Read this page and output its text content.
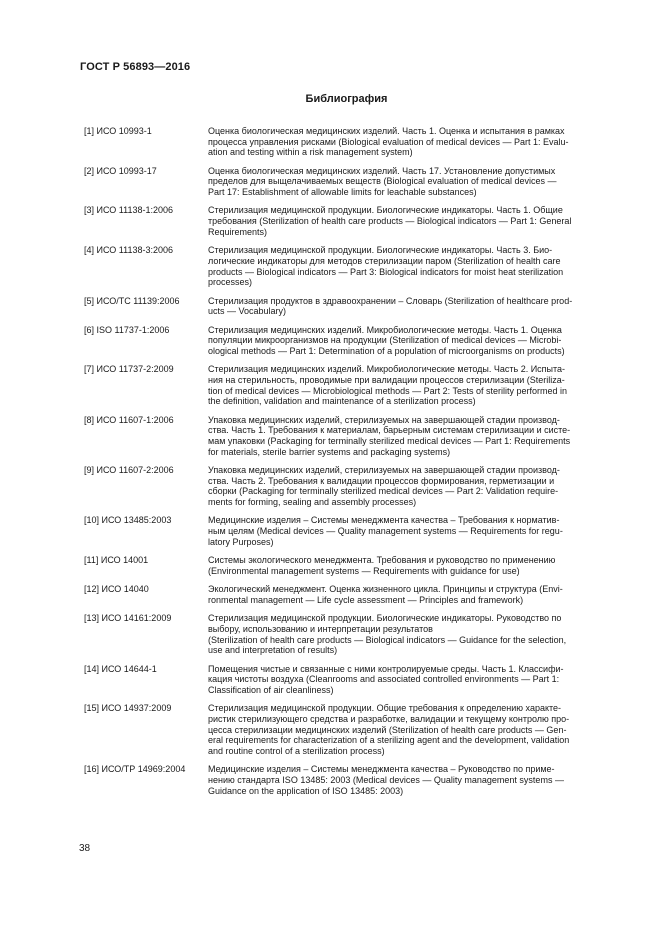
ГОСТ Р 56893—2016
Библиография
[1] ИСО 10993-1	Оценка биологическая медицинских изделий. Часть 1. Оценка и испытания в рамках
процесса управления рисками (Biological evaluation of medical devices — Part 1: Evalu-
ation and testing within a risk management system)
[2] ИСО 10993-17	Оценка биологическая медицинских изделий. Часть 17. Установление допустимых
пределов для выщелачиваемых веществ (Biological evaluation of medical devices —
Part 17: Establishment of allowable limits for leachable substances)
[3] ИСО 11138-1:2006	Стерилизация медицинской продукции. Биологические индикаторы. Часть 1. Общие
требования (Sterilization of health care products — Biological indicators — Part 1: General
Requirements)
[4] ИСО 11138-3:2006	Стерилизация медицинской продукции. Биологические индикаторы. Часть 3. Био-
логические индикаторы для методов стерилизации паром (Sterilization of health care
products — Biological indicators — Part 3: Biological indicators for moist heat sterilization
processes)
[5] ИСО/ТС 11139:2006	Стерилизация продуктов в здравоохранении – Словарь (Sterilization of healthcare prod-
ucts — Vocabulary)
[6] ISO 11737-1:2006	Стерилизация медицинских изделий. Микробиологические методы. Часть 1. Оценка
популяции микроорганизмов на продукции (Sterilization of medical devices — Microbi-
ological methods — Part 1: Determination of a population of microorganisms on products)
[7] ИСО 11737-2:2009	Стерилизация медицинских изделий. Микробиологические методы. Часть 2. Испыта-
ния на стерильность, проводимые при валидации процессов стерилизации (Steriliza-
tion of medical devices — Microbiological methods — Part 2: Tests of sterility performed in
the definition, validation and maintenance of a sterilization process)
[8] ИСО 11607-1:2006	Упаковка медицинских изделий, стерилизуемых на завершающей стадии производ-
ства. Часть 1. Требования к материалам, барьерным системам стерилизации и систе-
мам упаковки (Packaging for terminally sterilized medical devices — Part 1: Requirements
for materials, sterile barrier systems and packaging systems)
[9] ИСО 11607-2:2006	Упаковка медицинских изделий, стерилизуемых на завершающей стадии производ-
ства. Часть 2. Требования к валидации процессов формирования, герметизации и
сборки (Packaging for terminally sterilized medical devices — Part 2: Validation require-
ments for forming, sealing and assembly processes)
[10] ИСО 13485:2003	Медицинские изделия – Системы менеджмента качества – Требования к норматив-
ным целям (Medical devices — Quality management systems — Requirements for regu-
latory Purposes)
[11] ИСО 14001	Системы экологического менеджмента. Требования и руководство по применению
(Environmental management systems — Requirements with guidance for use)
[12] ИСО 14040	Экологический менеджмент. Оценка жизненного цикла. Принципы и структура (Envi-
ronmental management — Life cycle assessment — Principles and framework)
[13] ИСО 14161:2009	Стерилизация медицинской продукции. Биологические индикаторы. Руководство по
выбору, использованию и интерпретации результатов
(Sterilization of health care products — Biological indicators — Guidance for the selection,
use and interpretation of results)
[14] ИСО 14644-1	Помещения чистые и связанные с ними контролируемые среды. Часть 1. Классифи-
кация чистоты воздуха (Cleanrooms and associated controlled environments — Part 1:
Classification of air cleanliness)
[15] ИСО 14937:2009	Стерилизация медицинской продукции. Общие требования к определению характе-
ристик стерилизующего средства и разработке, валидации и текущему контролю про-
цесса стерилизации медицинских изделий (Sterilization of health care products — Gen-
eral requirements for characterization of a sterilizing agent and the development, validation
and routine control of a sterilization process)
[16] ИСО/ТР 14969:2004	Медицинские изделия – Системы менеджмента качества – Руководство по приме-
нению стандарта ISO 13485: 2003 (Medical devices — Quality management systems —
Guidance on the application of ISO 13485: 2003)
38
